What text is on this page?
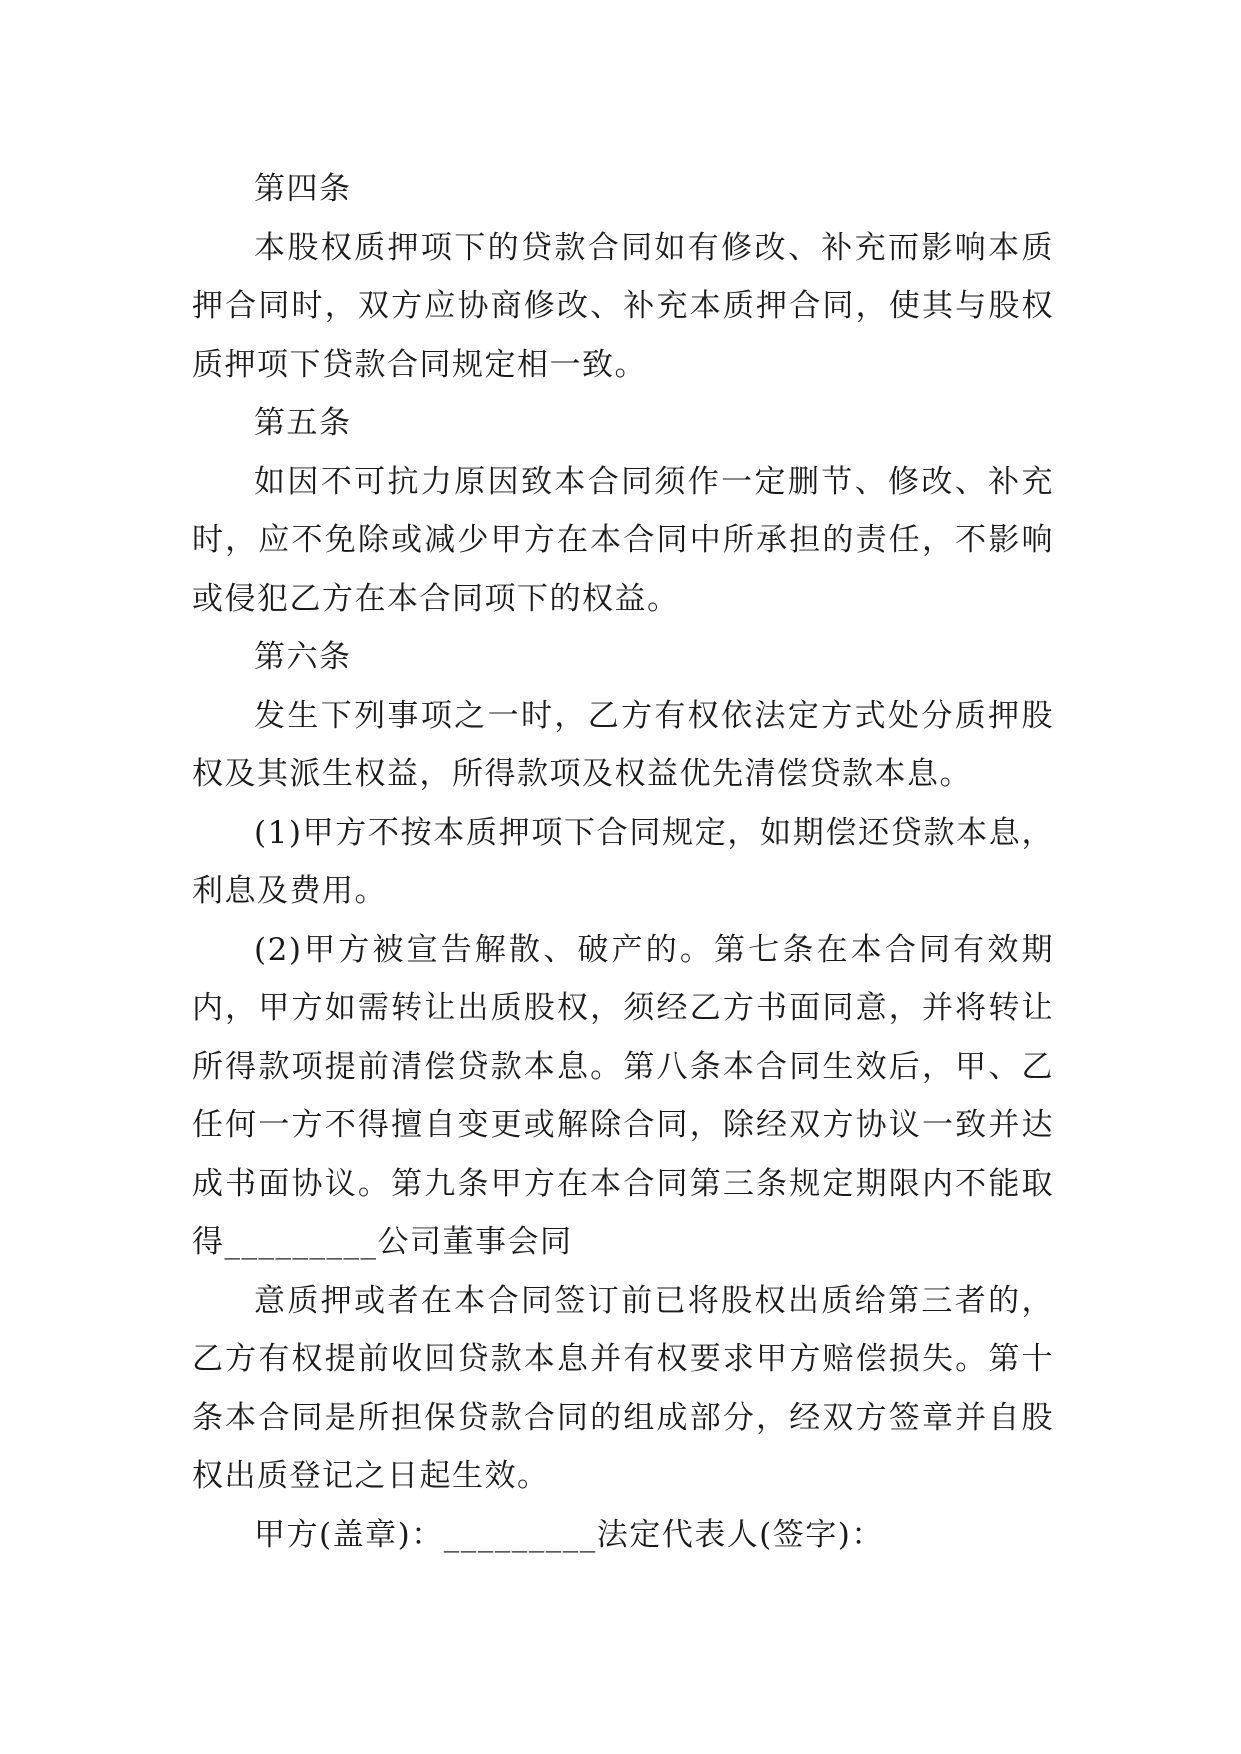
第四条

本股权质押项下的贷款合同如有修改、补充而影响本质押合同时，双方应协商修改、补充本质押合同，使其与股权质押项下贷款合同规定相一致。

第五条

如因不可抗力原因致本合同须作一定删节、修改、补充时，应不免除或减少甲方在本合同中所承担的责任，不影响或侵犯乙方在本合同项下的权益。

第六条

发生下列事项之一时，乙方有权依法定方式处分质押股权及其派生权益，所得款项及权益优先清偿贷款本息。

(1)甲方不按本质押项下合同规定，如期偿还贷款本息，利息及费用。

(2)甲方被宣告解散、破产的。第七条在本合同有效期内，甲方如需转让出质股权，须经乙方书面同意，并将转让所得款项提前清偿贷款本息。第八条本合同生效后，甲、乙任何一方不得擅自变更或解除合同，除经双方协议一致并达成书面协议。第九条甲方在本合同第三条规定期限内不能取得_________公司董事会同

意质押或者在本合同签订前已将股权出质给第三者的，乙方有权提前收回贷款本息并有权要求甲方赔偿损失。第十条本合同是所担保贷款合同的组成部分，经双方签章并自股权出质登记之日起生效。

甲方(盖章)：_________法定代表人(签字)：
